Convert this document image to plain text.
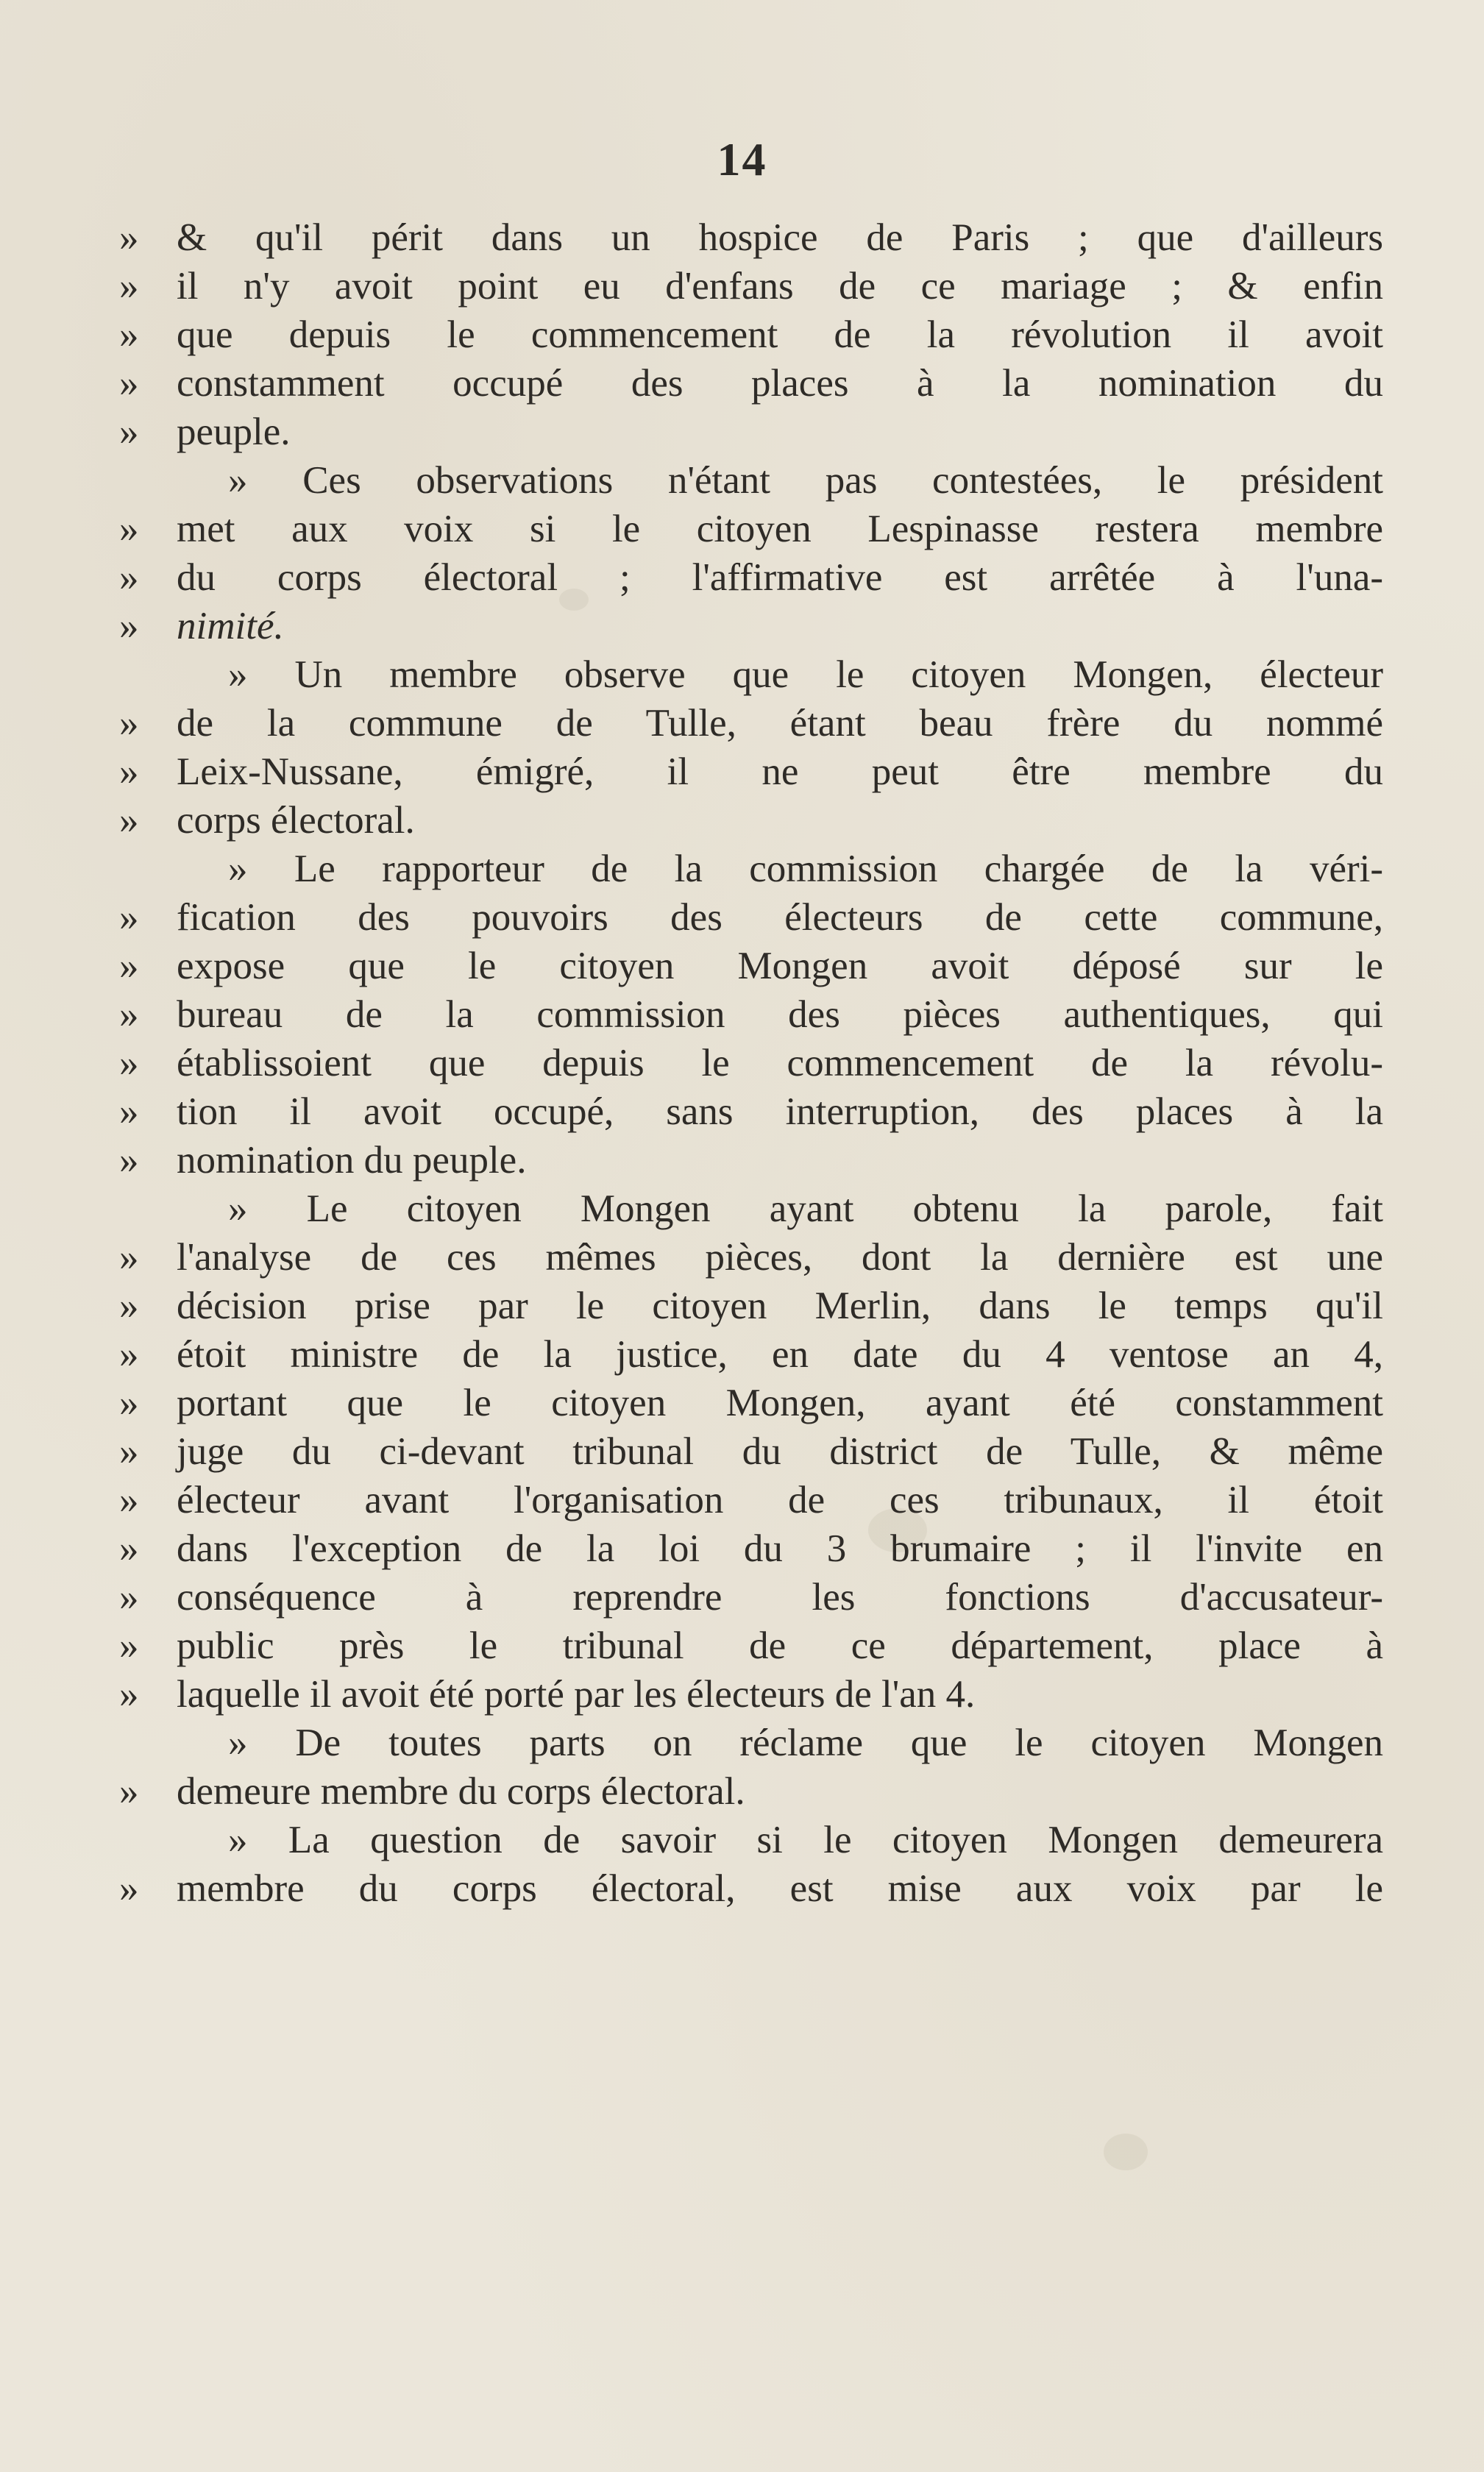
14
» & qu'il périt dans un hospice de Paris ; que d'ailleurs
» il n'y avoit point eu d'enfans de ce mariage ; & enfin
» que depuis le commencement de la révolution il avoit
» constamment occupé des places à la nomination du
» peuple.
» Ces observations n'étant pas contestées, le président
» met aux voix si le citoyen Lespinasse restera membre
» du corps électoral ; l'affirmative est arrêtée à l'una-
» nimité.
» Un membre observe que le citoyen Mongen, électeur
» de la commune de Tulle, étant beau frère du nommé
» Leix-Nussane, émigré, il ne peut être membre du
» corps électoral.
» Le rapporteur de la commission chargée de la véri-
» fication des pouvoirs des électeurs de cette commune,
» expose que le citoyen Mongen avoit déposé sur le
» bureau de la commission des pièces authentiques, qui
» établissoient que depuis le commencement de la révolu-
» tion il avoit occupé, sans interruption, des places à la
» nomination du peuple.
» Le citoyen Mongen ayant obtenu la parole, fait
» l'analyse de ces mêmes pièces, dont la dernière est une
» décision prise par le citoyen Merlin, dans le temps qu'il
» étoit ministre de la justice, en date du 4 ventose an 4,
» portant que le citoyen Mongen, ayant été constamment
» juge du ci-devant tribunal du district de Tulle, & même
» électeur avant l'organisation de ces tribunaux, il étoit
» dans l'exception de la loi du 3 brumaire ; il l'invite en
» conséquence à reprendre les fonctions d'accusateur-
» public près le tribunal de ce département, place à
» laquelle il avoit été porté par les électeurs de l'an 4.
» De toutes parts on réclame que le citoyen Mongen
» demeure membre du corps électoral.
» La question de savoir si le citoyen Mongen demeurera
» membre du corps électoral, est mise aux voix par le
